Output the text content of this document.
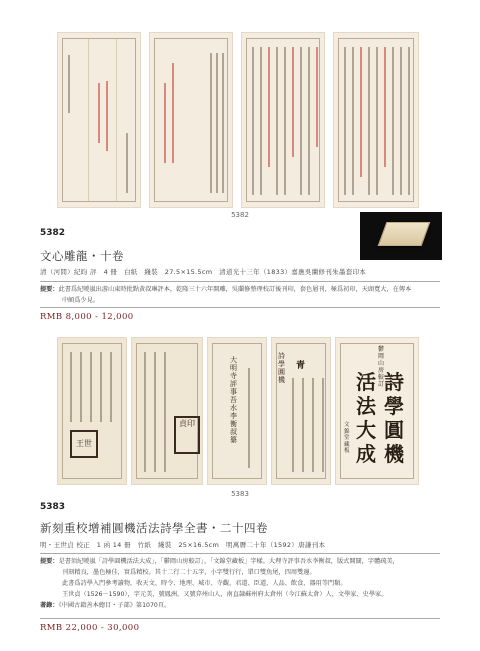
5382
5382
文心雕龍・十卷
清（河間）紀昀 評　4 冊　白紙　綫裝　27.5×15.5cm　清道光十三年（1833）嘉應吳蘭修刊朱墨套印本
提要：此書爲紀曉嵐出游山東時批點黄叔琳評本，乾隆三十六年開雕，吳蘭修整理校訂後刊印，套色層刊，極爲初印，天頭寬大，在傳本
中頗爲少見。
RMB 8,000 - 12,000
王世
貞印
大明寺評事吾水李衡叔纂
詩學圓機
青
鬱岡山房較訂 詩
學
圓
機
活
法
大
成
文錦堂藏板
5383
5383
新刻重校增補圓機活法詩學全書・二十四卷
明・王世貞 校正　1 函 14 冊　竹紙　綫裝　25×16.5cm　明萬曆二十年（1592）唐謙刊本
提要：是書須紀曉嵐「詩學圓機活法大成」，「鬱岡山房較訂」，「文錦堂藏板」字樣。大理寺評事吾水李衡叔，版式開闊，字體疏美，
刊刻精良，墨色極佳，實爲精校。其十二行二十五字，小字雙行行，單口雙魚尾，四周雙邊。
此書爲詩學入門參考讀物，收天文、時令、地理、城市、寺觀、君道、臣道、人品、飲食、器用等門類。
王世貞（1526－1590），字元美，號鳳洲，又號弇州山人，南直隸蘇州府太倉州（今江蘇太倉）人，文學家、史學家。
著錄：《中國古籍善本總目・子部》第1070頁。
RMB 22,000 - 30,000
